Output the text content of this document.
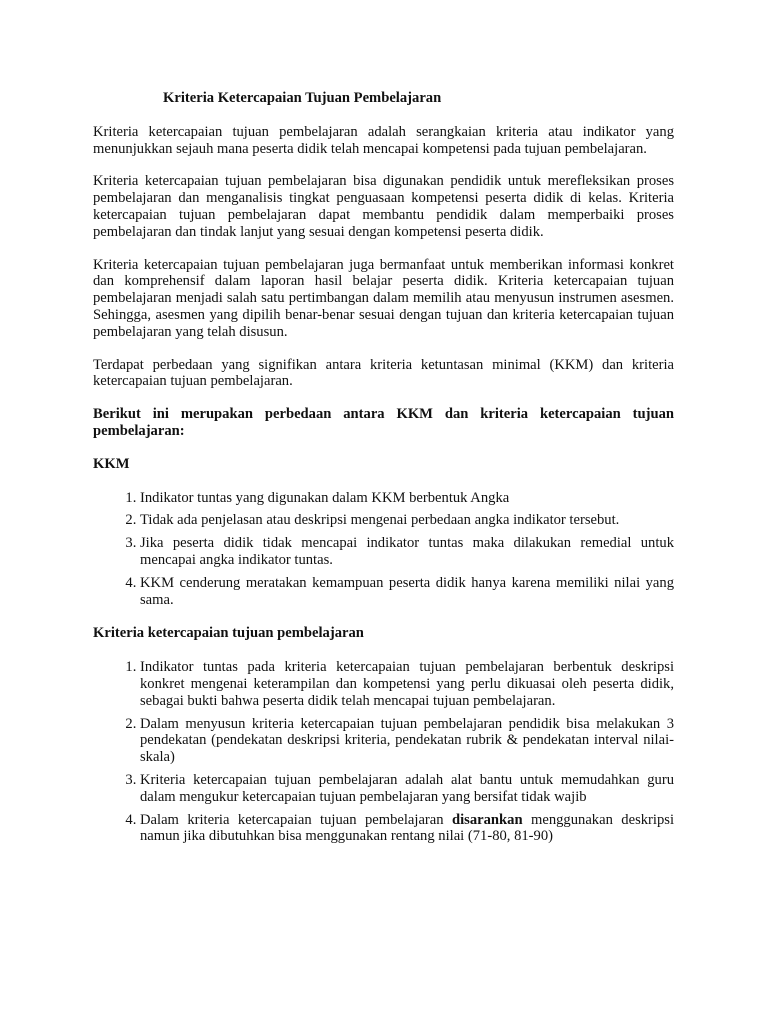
Kriteria Ketercapaian Tujuan Pembelajaran

Kriteria ketercapaian tujuan pembelajaran adalah serangkaian kriteria atau indikator yang menunjukkan sejauh mana peserta didik telah mencapai kompetensi pada tujuan pembelajaran.

Kriteria ketercapaian tujuan pembelajaran bisa digunakan pendidik untuk merefleksikan proses pembelajaran dan menganalisis tingkat penguasaan kompetensi peserta didik di kelas. Kriteria ketercapaian tujuan pembelajaran dapat membantu pendidik dalam memperbaiki proses pembelajaran dan tindak lanjut yang sesuai dengan kompetensi peserta didik.

Kriteria ketercapaian tujuan pembelajaran juga bermanfaat untuk memberikan informasi konkret dan komprehensif dalam laporan hasil belajar peserta didik. Kriteria ketercapaian tujuan pembelajaran menjadi salah satu pertimbangan dalam memilih atau menyusun instrumen asesmen. Sehingga, asesmen yang dipilih benar-benar sesuai dengan tujuan dan kriteria ketercapaian tujuan pembelajaran yang telah disusun.

Terdapat perbedaan yang signifikan antara kriteria ketuntasan minimal (KKM) dan kriteria ketercapaian tujuan pembelajaran.

Berikut ini merupakan perbedaan antara KKM dan kriteria ketercapaian tujuan pembelajaran:
KKM
1. Indikator tuntas yang digunakan dalam KKM berbentuk Angka
2. Tidak ada penjelasan atau deskripsi mengenai perbedaan angka indikator tersebut.
3. Jika peserta didik tidak mencapai indikator tuntas maka dilakukan remedial untuk mencapai angka indikator tuntas.
4. KKM cenderung meratakan kemampuan peserta didik hanya karena memiliki nilai yang sama.
Kriteria ketercapaian tujuan pembelajaran
1. Indikator tuntas pada kriteria ketercapaian tujuan pembelajaran berbentuk deskripsi konkret mengenai keterampilan dan kompetensi yang perlu dikuasai oleh peserta didik, sebagai bukti bahwa peserta didik telah mencapai tujuan pembelajaran.
2. Dalam menyusun kriteria ketercapaian tujuan pembelajaran pendidik bisa melakukan 3 pendekatan (pendekatan deskripsi kriteria, pendekatan rubrik & pendekatan interval nilai-skala)
3. Kriteria ketercapaian tujuan pembelajaran adalah alat bantu untuk memudahkan guru dalam mengukur ketercapaian tujuan pembelajaran yang bersifat tidak wajib
4. Dalam kriteria ketercapaian tujuan pembelajaran disarankan menggunakan deskripsi namun jika dibutuhkan bisa menggunakan rentang nilai (71-80, 81-90)
